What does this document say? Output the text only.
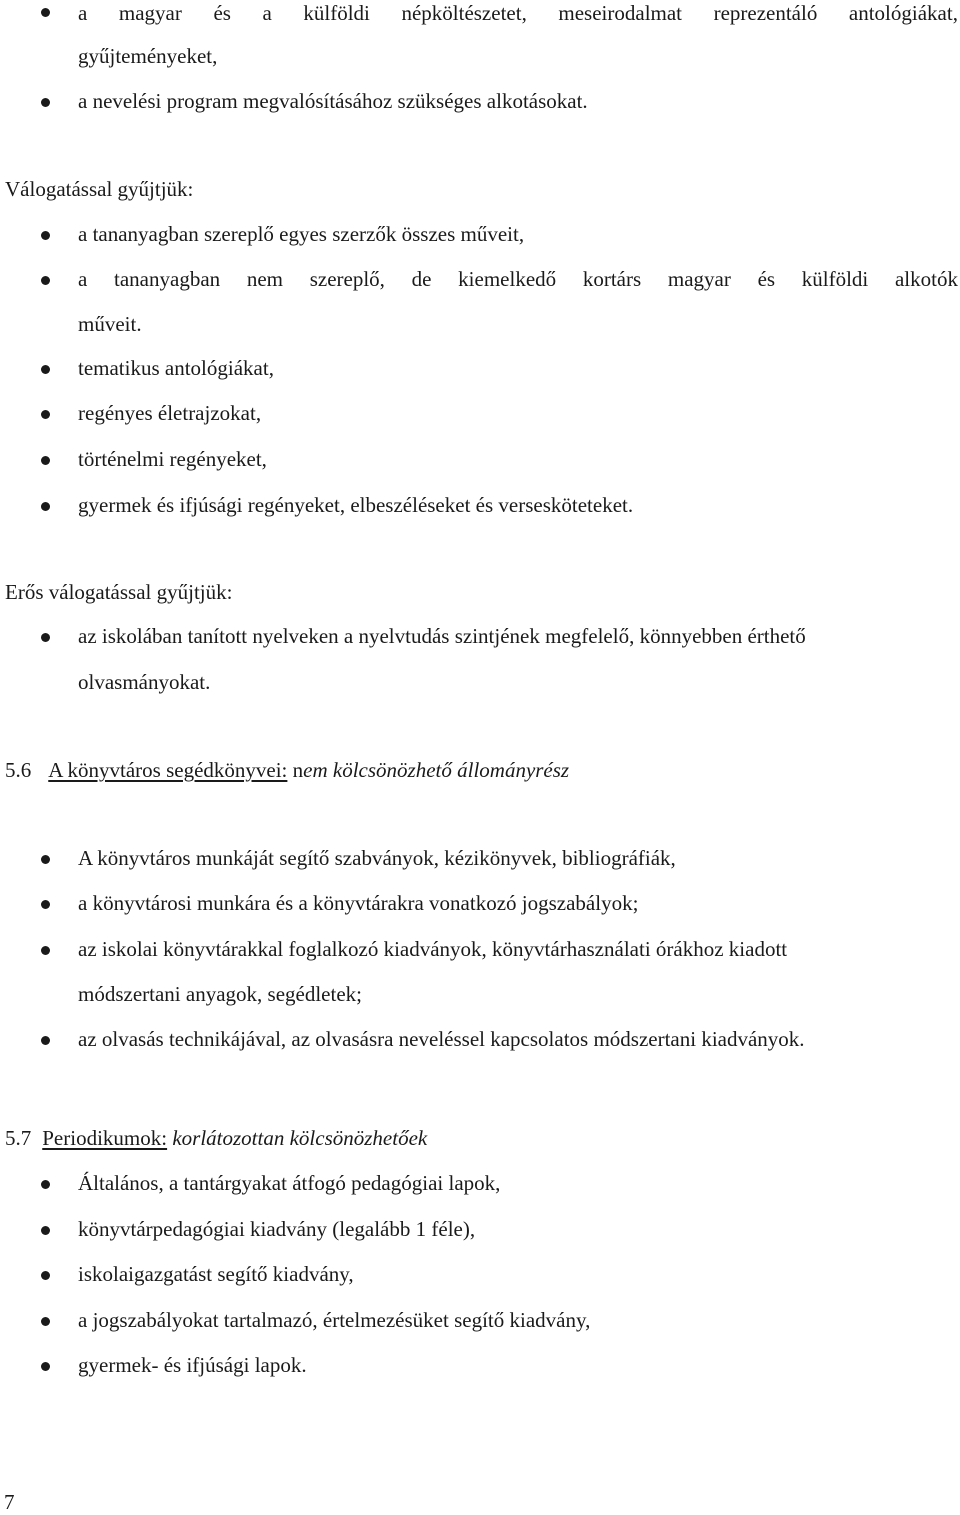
a magyar és a külföldi népköltészetet, meseirodalmat reprezentáló antológiákat,
gyűjteményeket,
a nevelési program megvalósításához szükséges alkotásokat.
Válogatással gyűjtjük:
a tananyagban szereplő egyes szerzők összes műveit,
a tananyagban nem szereplő, de kiemelkedő kortárs magyar és külföldi alkotók
műveit.
tematikus antológiákat,
regényes életrajzokat,
történelmi regényeket,
gyermek és ifjúsági regényeket, elbeszéléseket és versesköteteket.
Erős válogatással gyűjtjük:
az iskolában tanított nyelveken a nyelvtudás szintjének megfelelő, könnyebben érthető
olvasmányokat.
5.6 A könyvtáros segédkönyvei: nem kölcsönözhető állományrész
A könyvtáros munkáját segítő szabványok, kézikönyvek, bibliográfiák,
a könyvtárosi munkára és a könyvtárakra vonatkozó jogszabályok;
az iskolai könyvtárakkal foglalkozó kiadványok, könyvtárhasználati órákhoz kiadott
módszertani anyagok, segédletek;
az olvasás technikájával, az olvasásra neveléssel kapcsolatos módszertani kiadványok.
5.7 Periodikumok: korlátozottan kölcsönözhetőek
Általános, a tantárgyakat átfogó pedagógiai lapok,
könyvtárpedagógiai kiadvány (legalább 1 féle),
iskolaigazgatást segítő kiadvány,
a jogszabályokat tartalmazó, értelmezésüket segítő kiadvány,
gyermek- és ifjúsági lapok.
7
